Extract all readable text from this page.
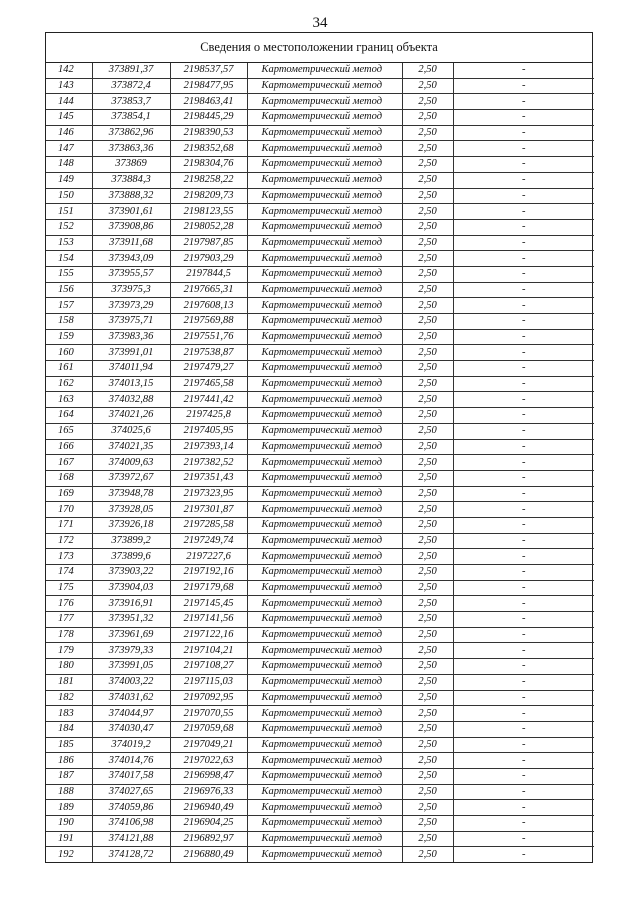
34
Сведения о местоположении границ объекта
142	373891,37	2198537,57	Картометрический метод	2,50	-
143	373872,4	2198477,95	Картометрический метод	2,50	-
144	373853,7	2198463,41	Картометрический метод	2,50	-
145	373854,1	2198445,29	Картометрический метод	2,50	-
146	373862,96	2198390,53	Картометрический метод	2,50	-
147	373863,36	2198352,68	Картометрический метод	2,50	-
148	373869	2198304,76	Картометрический метод	2,50	-
149	373884,3	2198258,22	Картометрический метод	2,50	-
150	373888,32	2198209,73	Картометрический метод	2,50	-
151	373901,61	2198123,55	Картометрический метод	2,50	-
152	373908,86	2198052,28	Картометрический метод	2,50	-
153	373911,68	2197987,85	Картометрический метод	2,50	-
154	373943,09	2197903,29	Картометрический метод	2,50	-
155	373955,57	2197844,5	Картометрический метод	2,50	-
156	373975,3	2197665,31	Картометрический метод	2,50	-
157	373973,29	2197608,13	Картометрический метод	2,50	-
158	373975,71	2197569,88	Картометрический метод	2,50	-
159	373983,36	2197551,76	Картометрический метод	2,50	-
160	373991,01	2197538,87	Картометрический метод	2,50	-
161	374011,94	2197479,27	Картометрический метод	2,50	-
162	374013,15	2197465,58	Картометрический метод	2,50	-
163	374032,88	2197441,42	Картометрический метод	2,50	-
164	374021,26	2197425,8	Картометрический метод	2,50	-
165	374025,6	2197405,95	Картометрический метод	2,50	-
166	374021,35	2197393,14	Картометрический метод	2,50	-
167	374009,63	2197382,52	Картометрический метод	2,50	-
168	373972,67	2197351,43	Картометрический метод	2,50	-
169	373948,78	2197323,95	Картометрический метод	2,50	-
170	373928,05	2197301,87	Картометрический метод	2,50	-
171	373926,18	2197285,58	Картометрический метод	2,50	-
172	373899,2	2197249,74	Картометрический метод	2,50	-
173	373899,6	2197227,6	Картометрический метод	2,50	-
174	373903,22	2197192,16	Картометрический метод	2,50	-
175	373904,03	2197179,68	Картометрический метод	2,50	-
176	373916,91	2197145,45	Картометрический метод	2,50	-
177	373951,32	2197141,56	Картометрический метод	2,50	-
178	373961,69	2197122,16	Картометрический метод	2,50	-
179	373979,33	2197104,21	Картометрический метод	2,50	-
180	373991,05	2197108,27	Картометрический метод	2,50	-
181	374003,22	2197115,03	Картометрический метод	2,50	-
182	374031,62	2197092,95	Картометрический метод	2,50	-
183	374044,97	2197070,55	Картометрический метод	2,50	-
184	374030,47	2197059,68	Картометрический метод	2,50	-
185	374019,2	2197049,21	Картометрический метод	2,50	-
186	374014,76	2197022,63	Картометрический метод	2,50	-
187	374017,58	2196998,47	Картометрический метод	2,50	-
188	374027,65	2196976,33	Картометрический метод	2,50	-
189	374059,86	2196940,49	Картометрический метод	2,50	-
190	374106,98	2196904,25	Картометрический метод	2,50	-
191	374121,88	2196892,97	Картометрический метод	2,50	-
192	374128,72	2196880,49	Картометрический метод	2,50	-
